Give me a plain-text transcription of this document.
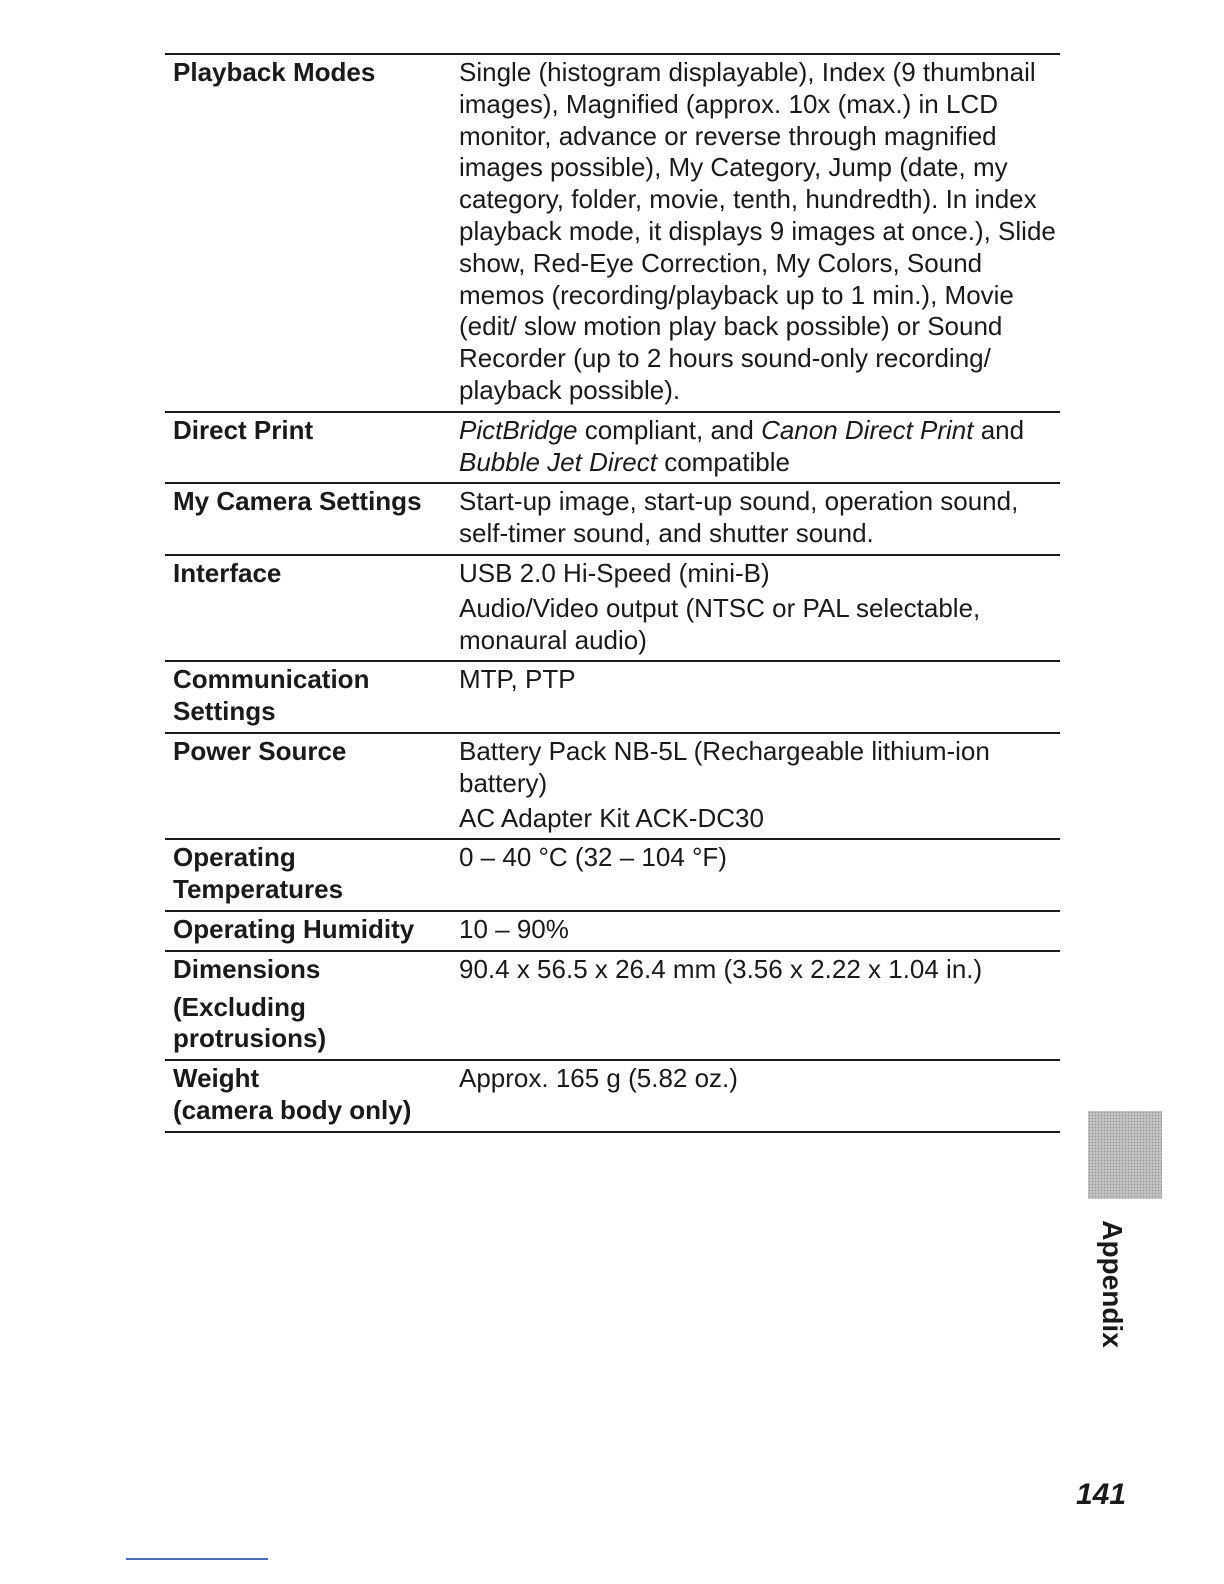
Playback Modes	Single (histogram displayable), Index (9 thumbnail images), Magnified (approx. 10x (max.) in LCD monitor, advance or reverse through magnified images possible), My Category, Jump (date, my category, folder, movie, tenth, hundredth). In index playback mode, it displays 9 images at once.), Slide show, Red-Eye Correction, My Colors, Sound memos (recording/playback up to 1 min.), Movie (edit/ slow motion play back possible) or Sound Recorder (up to 2 hours sound-only recording/ playback possible).

Direct Print	PictBridge compliant, and Canon Direct Print and Bubble Jet Direct compatible

My Camera Settings	Start-up image, start-up sound, operation sound, self-timer sound, and shutter sound.

Interface	USB 2.0 Hi-Speed (mini-B)
Audio/Video output (NTSC or PAL selectable, monaural audio)

Communication
Settings	MTP, PTP

Power Source	Battery Pack NB-5L (Rechargeable lithium-ion battery)
AC Adapter Kit ACK-DC30

Operating
Temperatures	0 – 40 °C (32 – 104 °F)

Operating Humidity	10 – 90%

Dimensions
(Excluding
protrusions)	90.4 x 56.5 x 26.4 mm (3.56 x 2.22 x 1.04 in.)

Weight
(camera body only)	Approx. 165 g (5.82 oz.)
Appendix
141
